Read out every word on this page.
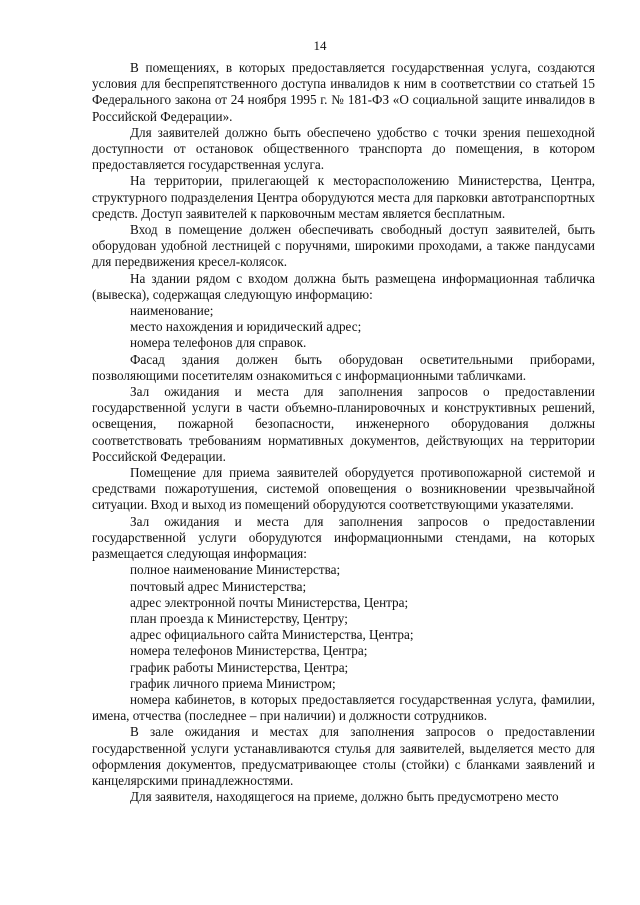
14

В помещениях, в которых предоставляется государственная услуга, создаются условия для беспрепятственного доступа инвалидов к ним в соответствии со статьей 15 Федерального закона от 24 ноября 1995 г. № 181-ФЗ «О социальной защите инвалидов в Российской Федерации».

Для заявителей должно быть обеспечено удобство с точки зрения пешеходной доступности от остановок общественного транспорта до помещения, в котором предоставляется государственная услуга.

На территории, прилегающей к месторасположению Министерства, Центра, структурного подразделения Центра оборудуются места для парковки автотранспортных средств. Доступ заявителей к парковочным местам является бесплатным.

Вход в помещение должен обеспечивать свободный доступ заявителей, быть оборудован удобной лестницей с поручнями, широкими проходами, а также пандусами для передвижения кресел-колясок.

На здании рядом с входом должна быть размещена информационная табличка (вывеска), содержащая следующую информацию:

наименование;

место нахождения и юридический адрес;

номера телефонов для справок.

Фасад здания должен быть оборудован осветительными приборами, позволяющими посетителям ознакомиться с информационными табличками.

Зал ожидания и места для заполнения запросов о предоставлении государственной услуги в части объемно-планировочных и конструктивных решений, освещения, пожарной безопасности, инженерного оборудования должны соответствовать требованиям нормативных документов, действующих на территории Российской Федерации.

Помещение для приема заявителей оборудуется противопожарной системой и средствами пожаротушения, системой оповещения о возникновении чрезвычайной ситуации. Вход и выход из помещений оборудуются соответствующими указателями.

Зал ожидания и места для заполнения запросов о предоставлении государственной услуги оборудуются информационными стендами, на которых размещается следующая информация:

полное наименование Министерства;

почтовый адрес Министерства;

адрес электронной почты Министерства, Центра;

план проезда к Министерству, Центру;

адрес официального сайта Министерства, Центра;

номера телефонов Министерства, Центра;

график работы Министерства, Центра;

график личного приема Министром;

номера кабинетов, в которых предоставляется государственная услуга, фамилии, имена, отчества (последнее – при наличии) и должности сотрудников.

В зале ожидания и местах для заполнения запросов о предоставлении государственной услуги устанавливаются стулья для заявителей, выделяется место для оформления документов, предусматривающее столы (стойки) с бланками заявлений и канцелярскими принадлежностями.

Для заявителя, находящегося на приеме, должно быть предусмотрено место
